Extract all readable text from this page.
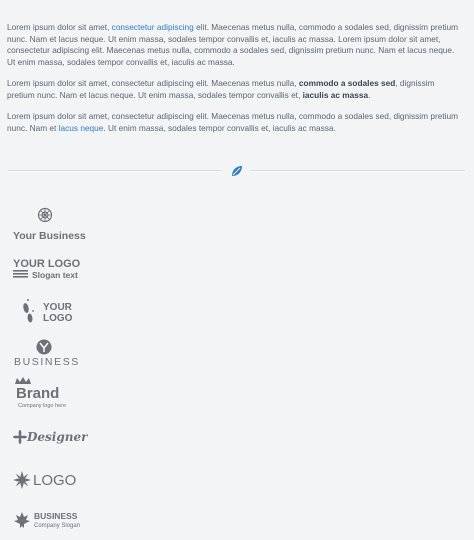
Lorem ipsum dolor sit amet, consectetur adipiscing elit. Maecenas metus nulla, commodo a sodales sed, dignissim pretium nunc. Nam et lacus neque. Ut enim massa, sodales tempor convallis et, iaculis ac massa. Lorem ipsum dolor sit amet, consectetur adipiscing elit. Maecenas metus nulla, commodo a sodales sed, dignissim pretium nunc. Nam et lacus neque. Ut enim massa, sodales tempor convallis et, iaculis ac massa.

Lorem ipsum dolor sit amet, consectetur adipiscing elit. Maecenas metus nulla, commodo a sodales sed, dignissim pretium nunc. Nam et lacus neque. Ut enim massa, sodales tempor convallis et, iaculis ac massa.

Lorem ipsum dolor sit amet, consectetur adipiscing elit. Maecenas metus nulla, commodo a sodales sed, dignissim pretium nunc. Nam et lacus neque. Ut enim massa, sodales tempor convallis et, iaculis ac massa.

Your Business
YOUR LOGO
Slogan text
YOUR
LOGO
BUSINESS
Brand
Company logo here
Designer
LOGO
BUSINESS
Company Slogan
